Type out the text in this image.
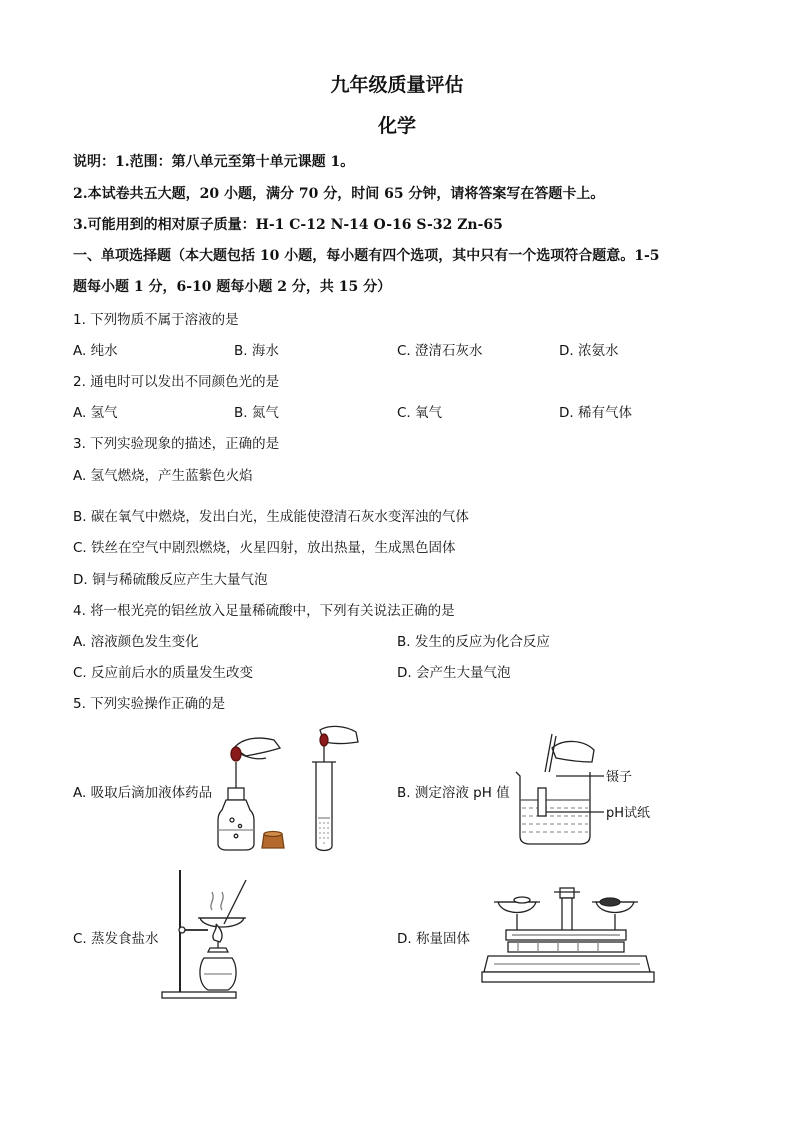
九年级质量评估
化学
说明：1.范围：第八单元至第十单元课题 1。
2.本试卷共五大题，20 小题，满分 70 分，时间 65 分钟，请将答案写在答题卡上。
3.可能用到的相对原子质量：H-1 C-12 N-14 O-16 S-32 Zn-65
一、单项选择题（本大题包括 10 小题，每小题有四个选项，其中只有一个选项符合题意。1-5
题每小题 1 分，6-10 题每小题 2 分，共 15 分）
1. 下列物质不属于溶液的是
A. 纯水	B. 海水	C. 澄清石灰水	D. 浓氨水
2. 通电时可以发出不同颜色光的是
A. 氢气	B. 氮气	C. 氧气	D. 稀有气体
3. 下列实验现象的描述，正确的是
A. 氢气燃烧，产生蓝紫色火焰
B. 碳在氧气中燃烧，发出白光，生成能使澄清石灰水变浑浊的气体
C. 铁丝在空气中剧烈燃烧，火星四射，放出热量，生成黑色固体
D. 铜与稀硫酸反应产生大量气泡
4. 将一根光亮的铝丝放入足量稀硫酸中，下列有关说法正确的是
A. 溶液颜色发生变化	B. 发生的反应为化合反应
C. 反应前后水的质量发生改变	D. 会产生大量气泡
5. 下列实验操作正确的是
A. 吸取后滴加液体药品	B. 测定溶液 pH 值
C. 蒸发食盐水	D. 称量固体
镊子
pH试纸
